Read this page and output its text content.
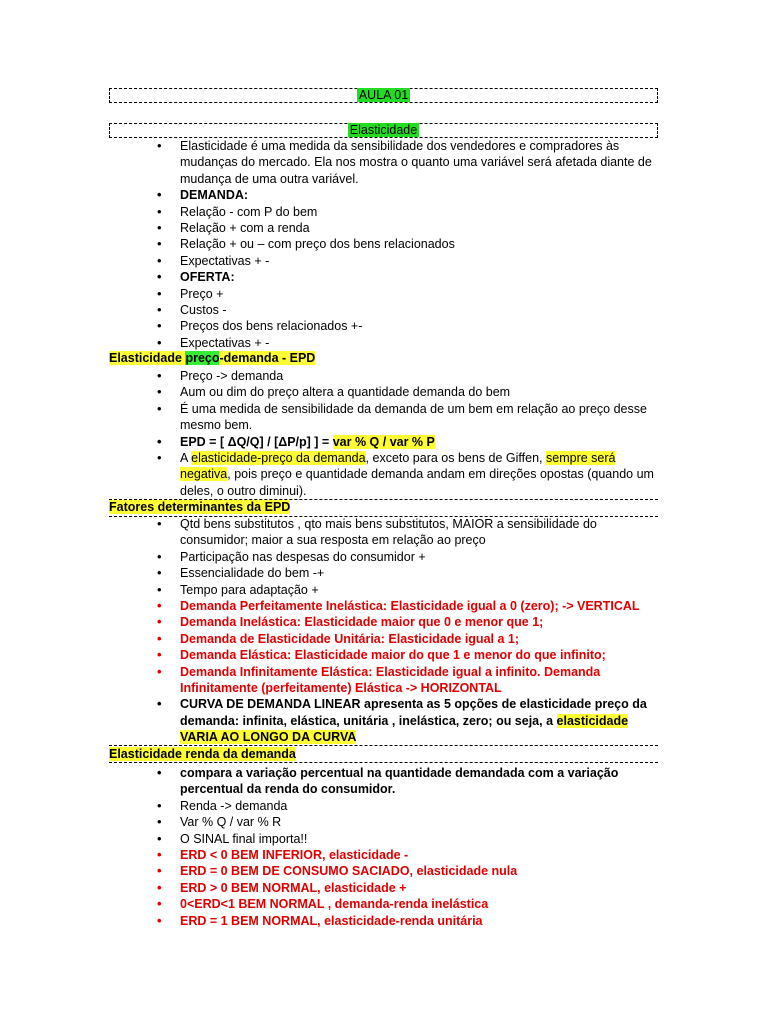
AULA 01
Elasticidade
• Elasticidade é uma medida da sensibilidade dos vendedores e compradores às mudanças do mercado. Ela nos mostra o quanto uma variável será afetada diante de mudança de uma outra variável.
• DEMANDA:
• Relação - com P do bem
• Relação + com a renda
• Relação + ou – com preço dos bens relacionados
• Expectativas + -
• OFERTA:
• Preço +
• Custos -
• Preços dos bens relacionados +-
• Expectativas + -
Elasticidade preço-demanda - EPD
• Preço -> demanda
• Aum ou dim do preço altera a quantidade demanda do bem
• É uma medida de sensibilidade da demanda de um bem em relação ao preço desse mesmo bem.
• EPD = [ ΔQ/Q] / [ΔP/p] ] = var % Q / var % P
• A elasticidade-preço da demanda, exceto para os bens de Giffen, sempre será negativa, pois preço e quantidade demanda andam em direções opostas (quando um deles, o outro diminui).
Fatores determinantes da EPD
• Qtd bens substitutos , qto mais bens substitutos, MAIOR a sensibilidade do consumidor; maior a sua resposta em relação ao preço
• Participação nas despesas do consumidor +
• Essencialidade do bem -+
• Tempo para adaptação +
• Demanda Perfeitamente Inelástica: Elasticidade igual a 0 (zero); -> VERTICAL
• Demanda Inelástica: Elasticidade maior que 0 e menor que 1;
• Demanda de Elasticidade Unitária: Elasticidade igual a 1;
• Demanda Elástica: Elasticidade maior do que 1 e menor do que infinito;
• Demanda Infinitamente Elástica: Elasticidade igual a infinito. Demanda Infinitamente (perfeitamente) Elástica -> HORIZONTAL
• CURVA DE DEMANDA LINEAR apresenta as 5 opções de elasticidade preço da demanda: infinita, elástica, unitária , inelástica, zero; ou seja, a elasticidade VARIA AO LONGO DA CURVA
Elasticidade renda da demanda
• compara a variação percentual na quantidade demandada com a variação percentual da renda do consumidor.
• Renda -> demanda
• Var % Q / var % R
• O SINAL final importa!!
• ERD < 0 BEM INFERIOR, elasticidade -
• ERD = 0 BEM DE CONSUMO SACIADO, elasticidade nula
• ERD > 0 BEM NORMAL, elasticidade +
• 0<ERD<1 BEM NORMAL , demanda-renda inelástica
• ERD = 1 BEM NORMAL, elasticidade-renda unitária
